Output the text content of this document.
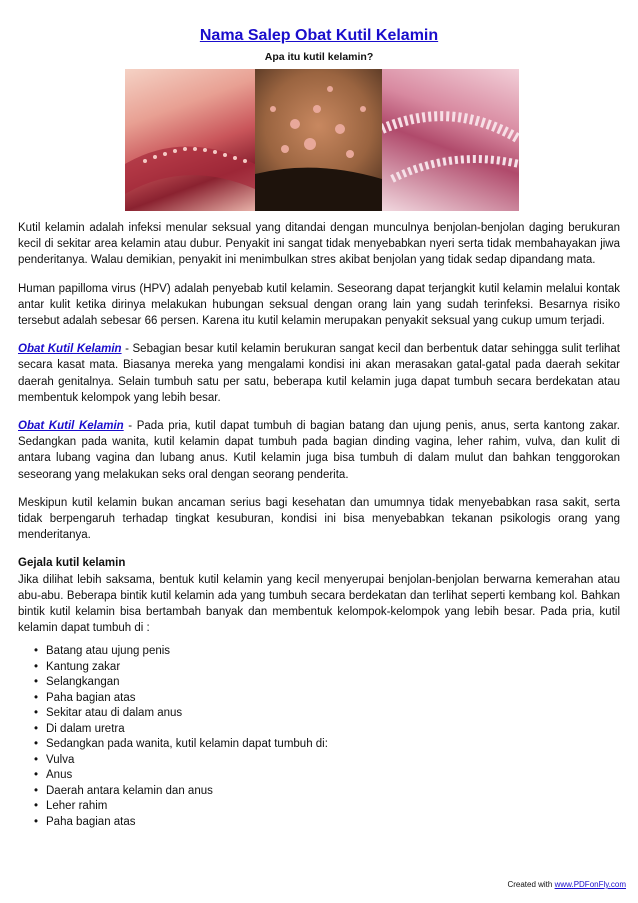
Nama Salep Obat Kutil Kelamin
Apa itu kutil kelamin?

Kutil kelamin adalah infeksi menular seksual yang ditandai dengan munculnya benjolan-benjolan daging berukuran kecil di sekitar area kelamin atau dubur. Penyakit ini sangat tidak menyebabkan nyeri serta tidak membahayakan jiwa penderitanya. Walau demikian, penyakit ini menimbulkan stres akibat benjolan yang tidak sedap dipandang mata.

Human papilloma virus (HPV) adalah penyebab kutil kelamin. Seseorang dapat terjangkit kutil kelamin melalui kontak antar kulit ketika dirinya melakukan hubungan seksual dengan orang lain yang sudah terinfeksi. Besarnya risiko tersebut adalah sebesar 66 persen. Karena itu kutil kelamin merupakan penyakit seksual yang cukup umum terjadi.

Obat Kutil Kelamin - Sebagian besar kutil kelamin berukuran sangat kecil dan berbentuk datar sehingga sulit terlihat secara kasat mata. Biasanya mereka yang mengalami kondisi ini akan merasakan gatal-gatal pada daerah sekitar daerah genitalnya. Selain tumbuh satu per satu, beberapa kutil kelamin juga dapat tumbuh secara berdekatan atau membentuk kelompok yang lebih besar.

Obat Kutil Kelamin - Pada pria, kutil dapat tumbuh di bagian batang dan ujung penis, anus, serta kantong zakar. Sedangkan pada wanita, kutil kelamin dapat tumbuh pada bagian dinding vagina, leher rahim, vulva, dan kulit di antara lubang vagina dan lubang anus. Kutil kelamin juga bisa tumbuh di dalam mulut dan bahkan tenggorokan seseorang yang melakukan seks oral dengan seorang penderita.

Meskipun kutil kelamin bukan ancaman serius bagi kesehatan dan umumnya tidak menyebabkan rasa sakit, serta tidak berpengaruh terhadap tingkat kesuburan, kondisi ini bisa menyebabkan tekanan psikologis orang yang menderitanya.

Gejala kutil kelamin
Jika dilihat lebih saksama, bentuk kutil kelamin yang kecil menyerupai benjolan-benjolan berwarna kemerahan atau abu-abu. Beberapa bintik kutil kelamin ada yang tumbuh secara berdekatan dan terlihat seperti kembang kol. Bahkan bintik kutil kelamin bisa bertambah banyak dan membentuk kelompok-kelompok yang lebih besar. Pada pria, kutil kelamin dapat tumbuh di :
• Batang atau ujung penis
• Kantung zakar
• Selangkangan
• Paha bagian atas
• Sekitar atau di dalam anus
• Di dalam uretra
• Sedangkan pada wanita, kutil kelamin dapat tumbuh di:
• Vulva
• Anus
• Daerah antara kelamin dan anus
• Leher rahim
• Paha bagian atas
Created with www.PDFonFly.com
